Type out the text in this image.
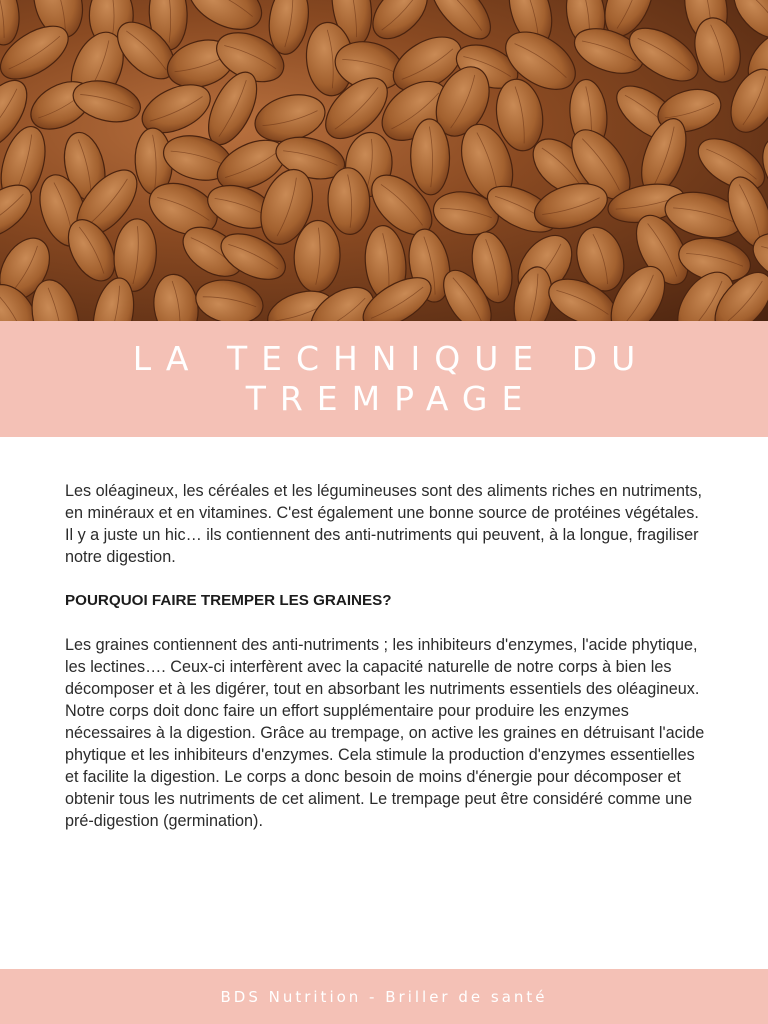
LA TECHNIQUE DU
TREMPAGE

Les oléagineux, les céréales et les légumineuses sont des aliments riches en nutriments, en minéraux et en vitamines. C'est également une bonne source de protéines végétales. Il y a juste un hic… ils contiennent des anti-nutriments qui peuvent, à la longue, fragiliser notre digestion.

POURQUOI FAIRE TREMPER LES GRAINES?

Les graines contiennent des anti-nutriments ; les inhibiteurs d'enzymes, l'acide phytique, les lectines…. Ceux-ci interfèrent avec la capacité naturelle de notre corps à bien les décomposer et à les digérer, tout en absorbant les nutriments essentiels des oléagineux. Notre corps doit donc faire un effort supplémentaire pour produire les enzymes nécessaires à la digestion. Grâce au trempage, on active les graines en détruisant l'acide phytique et les inhibiteurs d'enzymes. Cela stimule la production d'enzymes essentielles et facilite la digestion. Le corps a donc besoin de moins d'énergie pour décomposer et obtenir tous les nutriments de cet aliment. Le trempage peut être considéré comme une pré-digestion (germination).

BDS Nutrition - Briller de santé
